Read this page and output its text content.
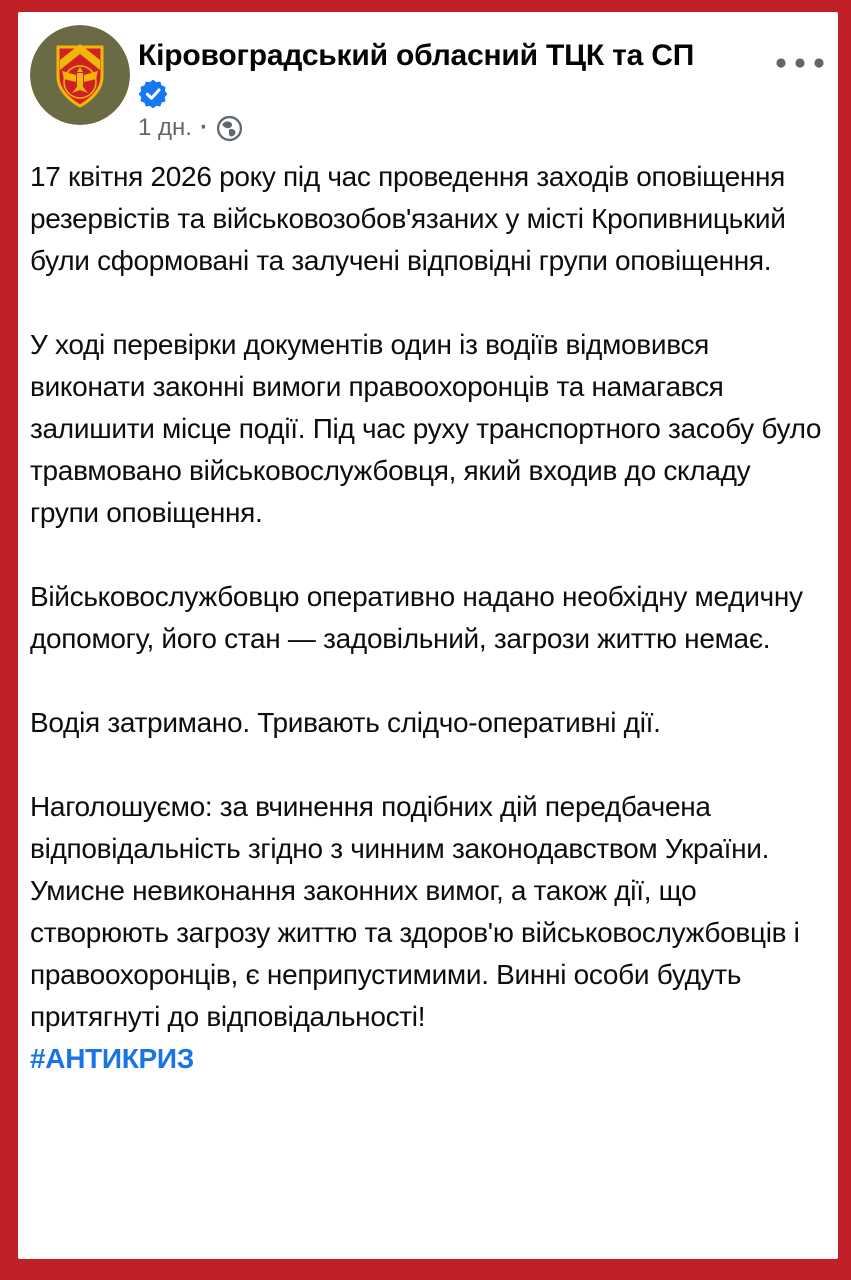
Кіровоградський обласний ТЦК та СП
1 дн. ·

17 квітня 2026 року під час проведення заходів оповіщення резервістів та військовозобов'язаних у місті Кропивницький були сформовані та залучені відповідні групи оповіщення.

У ході перевірки документів один із водіїв відмовився виконати законні вимоги правоохоронців та намагався залишити місце події. Під час руху транспортного засобу було травмовано військовослужбовця, який входив до складу групи оповіщення.

Військовослужбовцю оперативно надано необхідну медичну допомогу, його стан — задовільний, загрози життю немає.

Водія затримано. Тривають слідчо-оперативні дії.

Наголошуємо: за вчинення подібних дій передбачена відповідальність згідно з чинним законодавством України. Умисне невиконання законних вимог, а також дії, що створюють загрозу життю та здоров'ю військовослужбовців і правоохоронців, є неприпустимими. Винні особи будуть притягнуті до відповідальності!

#АНТИКРИЗ
